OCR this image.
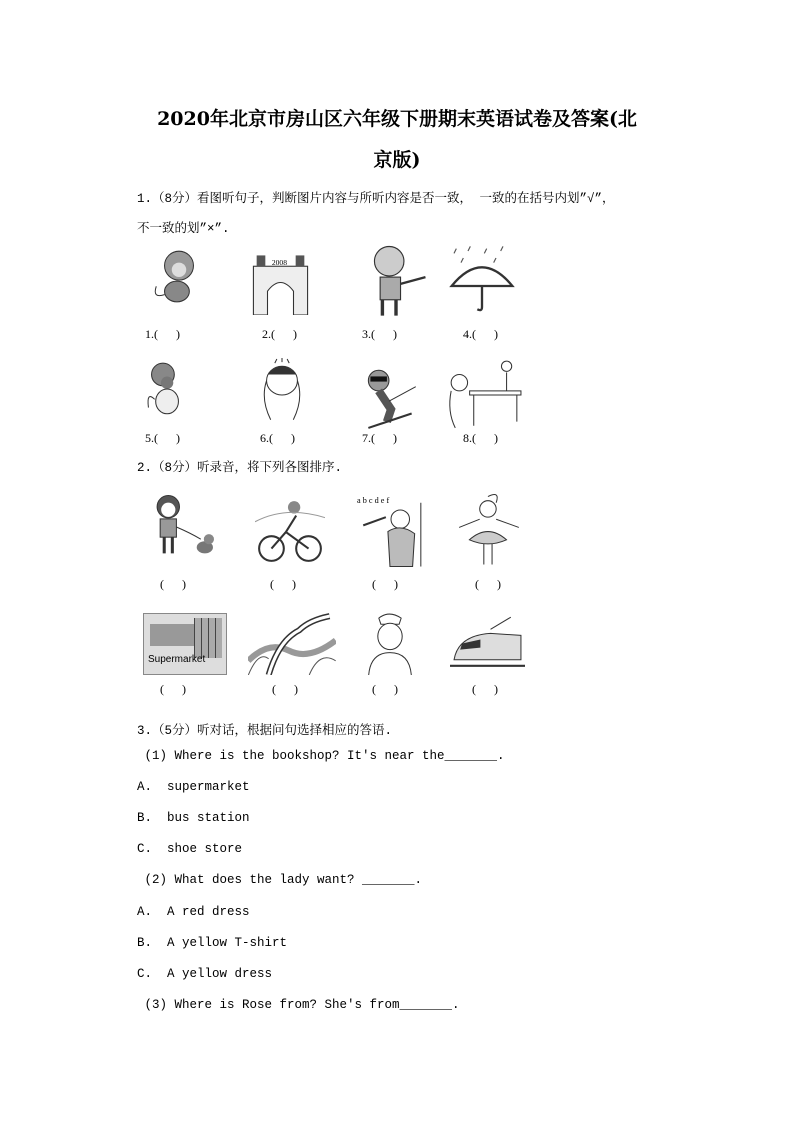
2020年北京市房山区六年级下册期末英语试卷及答案(北
京版)
1.（8分）看图听句子，判断图片内容与所听内容是否一致， 一致的在括号内划”√”，
不一致的划”×”.
2008
1.(      )	2.(      )	3.(      )	4.(      )
5.(      )	6.(      )	7.(      )	8.(      )
2.（8分）听录音，将下列各图排序.
a b c d e f
(      )	(      )	(      )	(      )
Supermarket
(      )	(      )	(      )	(      )
3.（5分）听对话，根据问句选择相应的答语.
(1) Where is the bookshop? It's near the_______.
A.  supermarket
B.  bus station
C.  shoe store
(2) What does the lady want? _______.
A.  A red dress
B.  A yellow T-shirt
C.  A yellow dress
(3) Where is Rose from? She's from_______.
